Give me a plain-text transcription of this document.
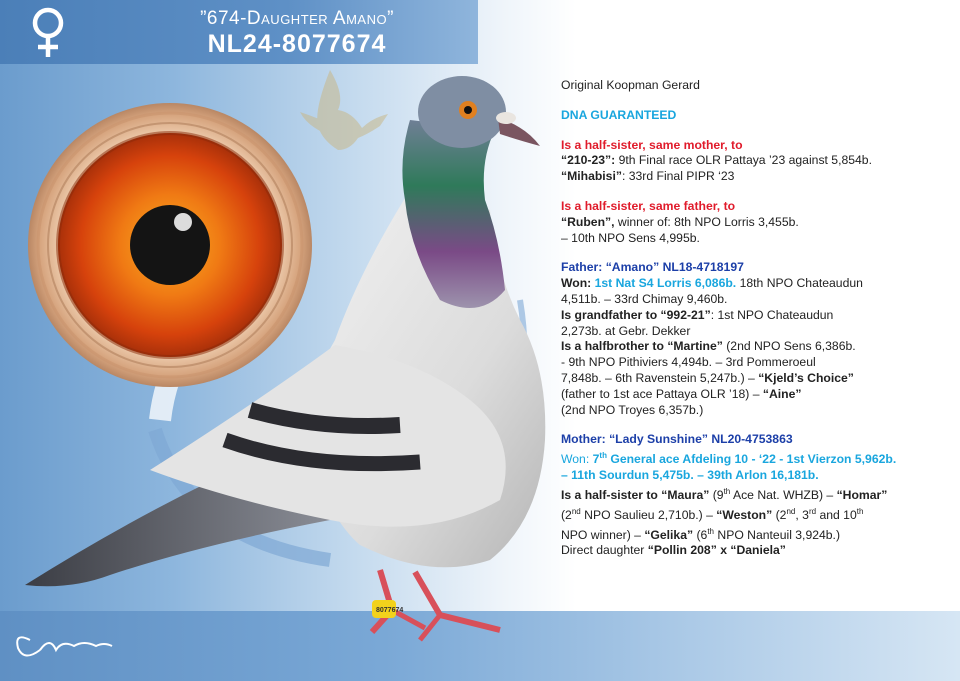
8077674
”674-Daughter Amano”
NL24-8077674

Original Koopman Gerard

DNA GUARANTEED

Is a half-sister, same mother, to

“210-23”: 9th Final race OLR Pattaya ’23 against 5,854b.

“Mihabisi”: 33rd Final PIPR ‘23

Is a half-sister, same father, to

“Ruben”, winner of: 8th NPO Lorris 3,455b.

– 10th NPO Sens 4,995b.

Father: “Amano” NL18-4718197

Won: 1st Nat S4 Lorris 6,086b. 18th NPO Chateaudun

4,511b. – 33rd Chimay 9,460b.

Is grandfather to “992-21”: 1st NPO Chateaudun

2,273b. at Gebr. Dekker

Is a halfbrother to “Martine” (2nd NPO Sens 6,386b.

- 9th NPO Pithiviers 4,494b. – 3rd Pommeroeul

7,848b. – 6th Ravenstein 5,247b.) – “Kjeld’s Choice”

(father to 1st ace Pattaya OLR ’18) – “Aine”

(2nd NPO Troyes 6,357b.)

Mother: “Lady Sunshine” NL20-4753863

Won: 7th General ace Afdeling 10 - ‘22 - 1st Vierzon 5,962b.

– 11th Sourdun 5,475b. – 39th Arlon 16,181b.

Is a half-sister to “Maura” (9th Ace Nat. WHZB) – “Homar”

(2nd NPO Saulieu 2,710b.) – “Weston” (2nd, 3rd and 10th

NPO winner) – “Gelika” (6th NPO Nanteuil 3,924b.)

Direct daughter “Pollin 208” x “Daniela”
